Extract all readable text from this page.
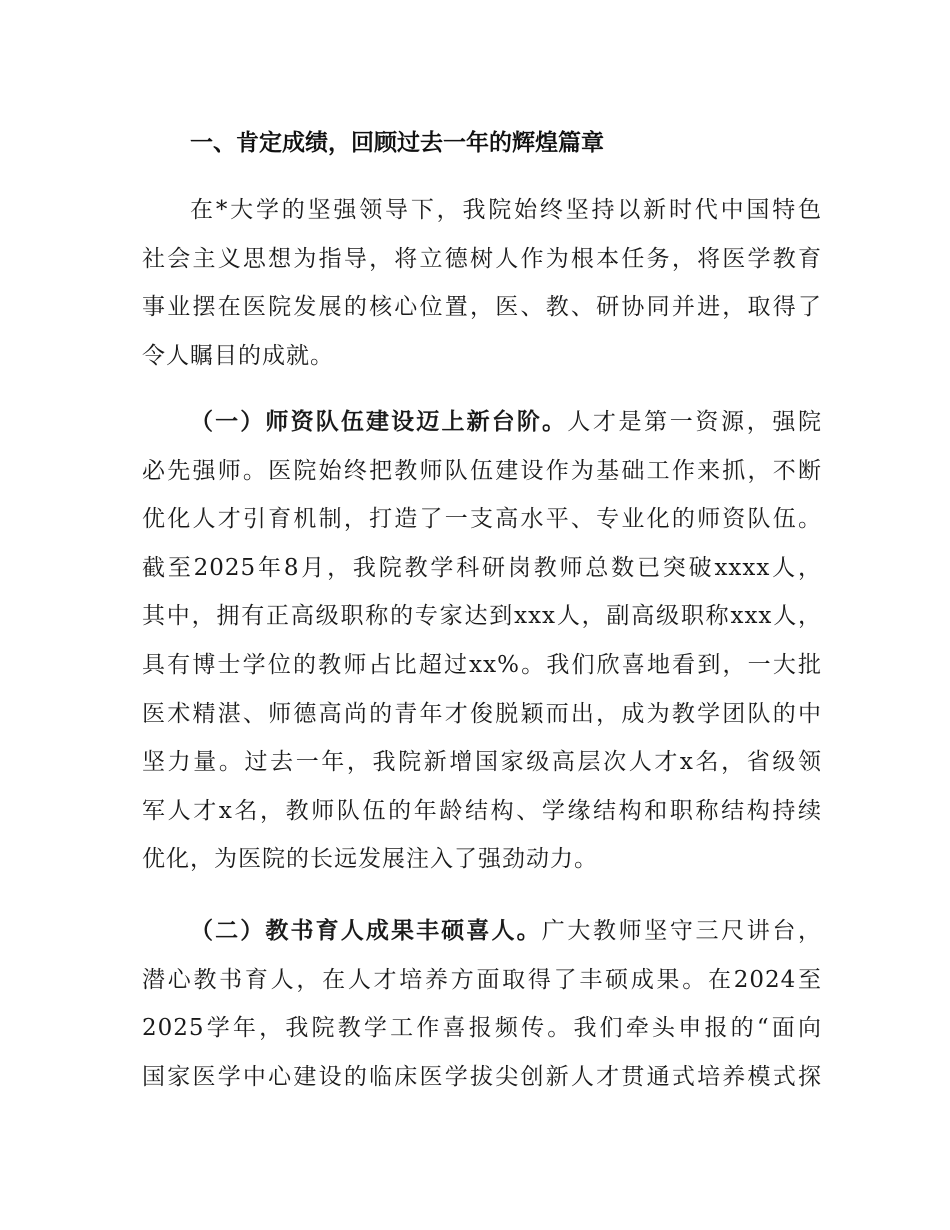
一、肯定成绩，回顾过去一年的辉煌篇章
在*大学的坚强领导下，我院始终坚持以新时代中国特色
社会主义思想为指导，将立德树人作为根本任务，将医学教育
事业摆在医院发展的核心位置，医、教、研协同并进，取得了
令人瞩目的成就。
（一）师资队伍建设迈上新台阶。人才是第一资源，强院
必先强师。医院始终把教师队伍建设作为基础工作来抓，不断
优化人才引育机制，打造了一支高水平、专业化的师资队伍。
截至2025年8月，我院教学科研岗教师总数已突破xxxx人，
其中，拥有正高级职称的专家达到xxx人，副高级职称xxx人，
具有博士学位的教师占比超过xx%。我们欣喜地看到，一大批
医术精湛、师德高尚的青年才俊脱颖而出，成为教学团队的中
坚力量。过去一年，我院新增国家级高层次人才x名，省级领
军人才x名，教师队伍的年龄结构、学缘结构和职称结构持续
优化，为医院的长远发展注入了强劲动力。
（二）教书育人成果丰硕喜人。广大教师坚守三尺讲台，
潜心教书育人，在人才培养方面取得了丰硕成果。在2024至
2025学年，我院教学工作喜报频传。我们牵头申报的“面向
国家医学中心建设的临床医学拔尖创新人才贯通式培养模式探
